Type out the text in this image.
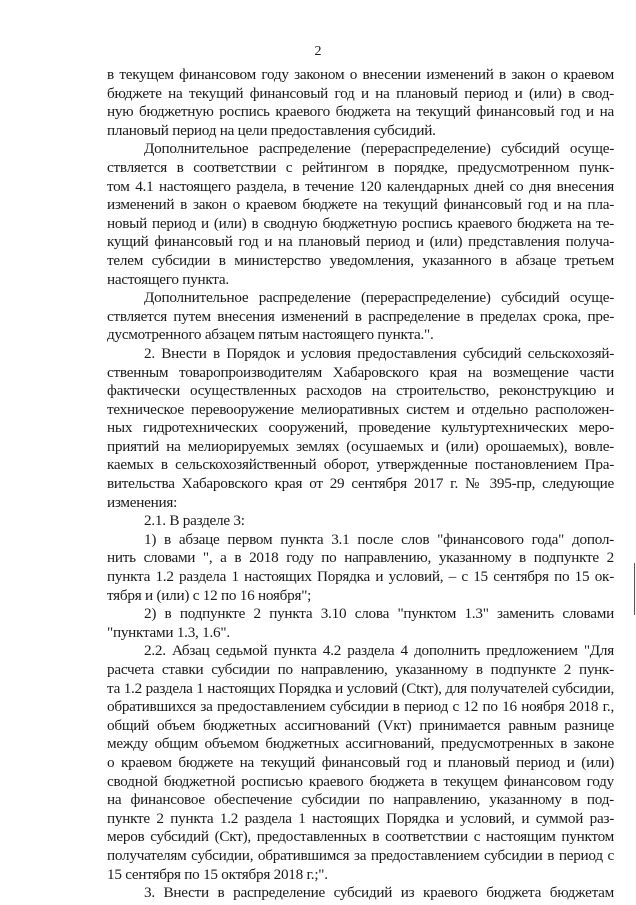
2
в текущем финансовом году законом о внесении изменений в закон о краевом
бюджете на текущий финансовый год и на плановый период и (или) в свод-
ную бюджетную роспись краевого бюджета на текущий финансовый год и на
плановый период на цели предоставления субсидий.
Дополнительное распределение (перераспределение) субсидий осуще-
ствляется в соответствии с рейтингом в порядке, предусмотренном пунк-
том 4.1 настоящего раздела, в течение 120 календарных дней со дня внесения
изменений в закон о краевом бюджете на текущий финансовый год и на пла-
новый период и (или) в сводную бюджетную роспись краевого бюджета на те-
кущий финансовый год и на плановый период и (или) представления получа-
телем субсидии в министерство уведомления, указанного в абзаце третьем
настоящего пункта.
Дополнительное распределение (перераспределение) субсидий осуще-
ствляется путем внесения изменений в распределение в пределах срока, пре-
дусмотренного абзацем пятым настоящего пункта.".
2. Внести в Порядок и условия предоставления субсидий сельскохозяй-
ственным товаропроизводителям Хабаровского края на возмещение части
фактически осуществленных расходов на строительство, реконструкцию и
техническое перевооружение мелиоративных систем и отдельно расположен-
ных гидротехнических сооружений, проведение культуртехнических меро-
приятий на мелиорируемых землях (осушаемых и (или) орошаемых), вовле-
каемых в сельскохозяйственный оборот, утвержденные постановлением Пра-
вительства Хабаровского края от 29 сентября 2017 г. № 395-пр, следующие
изменения:
2.1. В разделе 3:
1) в абзаце первом пункта 3.1 после слов "финансового года" допол-
нить словами ", а в 2018 году по направлению, указанному в подпункте 2
пункта 1.2 раздела 1 настоящих Порядка и условий, – с 15 сентября по 15 ок-
тября и (или) с 12 по 16 ноября";
2) в подпункте 2 пункта 3.10 слова "пунктом 1.3" заменить словами
"пунктами 1.3, 1.6".
2.2. Абзац седьмой пункта 4.2 раздела 4 дополнить предложением "Для
расчета ставки субсидии по направлению, указанному в подпункте 2 пунк-
та 1.2 раздела 1 настоящих Порядка и условий (Ctкт), для получателей субсидии,
обратившихся за предоставлением субсидии в период с 12 по 16 ноября 2018 г.,
общий объем бюджетных ассигнований (Vкт) принимается равным разнице
между общим объемом бюджетных ассигнований, предусмотренных в законе
о краевом бюджете на текущий финансовый год и плановый период и (или)
сводной бюджетной росписью краевого бюджета в текущем финансовом году
на финансовое обеспечение субсидии по направлению, указанному в под-
пункте 2 пункта 1.2 раздела 1 настоящих Порядка и условий, и суммой раз-
меров субсидий (Скт), предоставленных в соответствии с настоящим пунктом
получателям субсидии, обратившимся за предоставлением субсидии в период с
15 сентября по 15 октября 2018 г.;".
3. Внести в распределение субсидий из краевого бюджета бюджетам
